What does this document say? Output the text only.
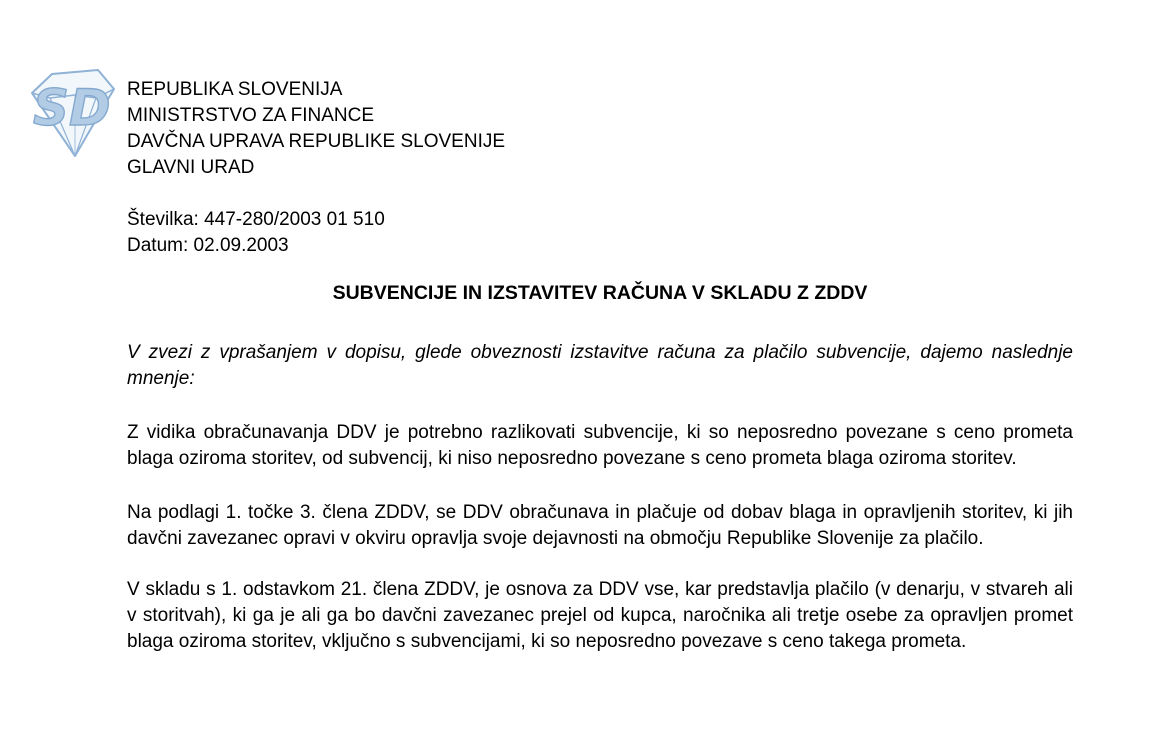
SD REPUBLIKA SLOVENIJA
MINISTRSTVO ZA FINANCE
DAVČNA UPRAVA REPUBLIKE SLOVENIJE
GLAVNI URAD
Številka: 447-280/2003 01 510
Datum: 02.09.2003
SUBVENCIJE IN IZSTAVITEV RAČUNA V SKLADU Z ZDDV

V zvezi z vprašanjem v dopisu, glede obveznosti izstavitve računa za plačilo subvencije, dajemo naslednje mnenje:

Z vidika obračunavanja DDV je potrebno razlikovati subvencije, ki so neposredno povezane s ceno prometa blaga oziroma storitev, od subvencij, ki niso neposredno povezane s ceno prometa blaga oziroma storitev.

Na podlagi 1. točke 3. člena ZDDV, se DDV obračunava in plačuje od dobav blaga in opravljenih storitev, ki jih davčni zavezanec opravi v okviru opravlja svoje dejavnosti na območju Republike Slovenije za plačilo.

V skladu s 1. odstavkom 21. člena ZDDV, je osnova za DDV vse, kar predstavlja plačilo (v denarju, v stvareh ali v storitvah), ki ga je ali ga bo davčni zavezanec prejel od kupca, naročnika ali tretje osebe za opravljen promet blaga oziroma storitev, vključno s subvencijami, ki so neposredno povezave s ceno takega prometa.
